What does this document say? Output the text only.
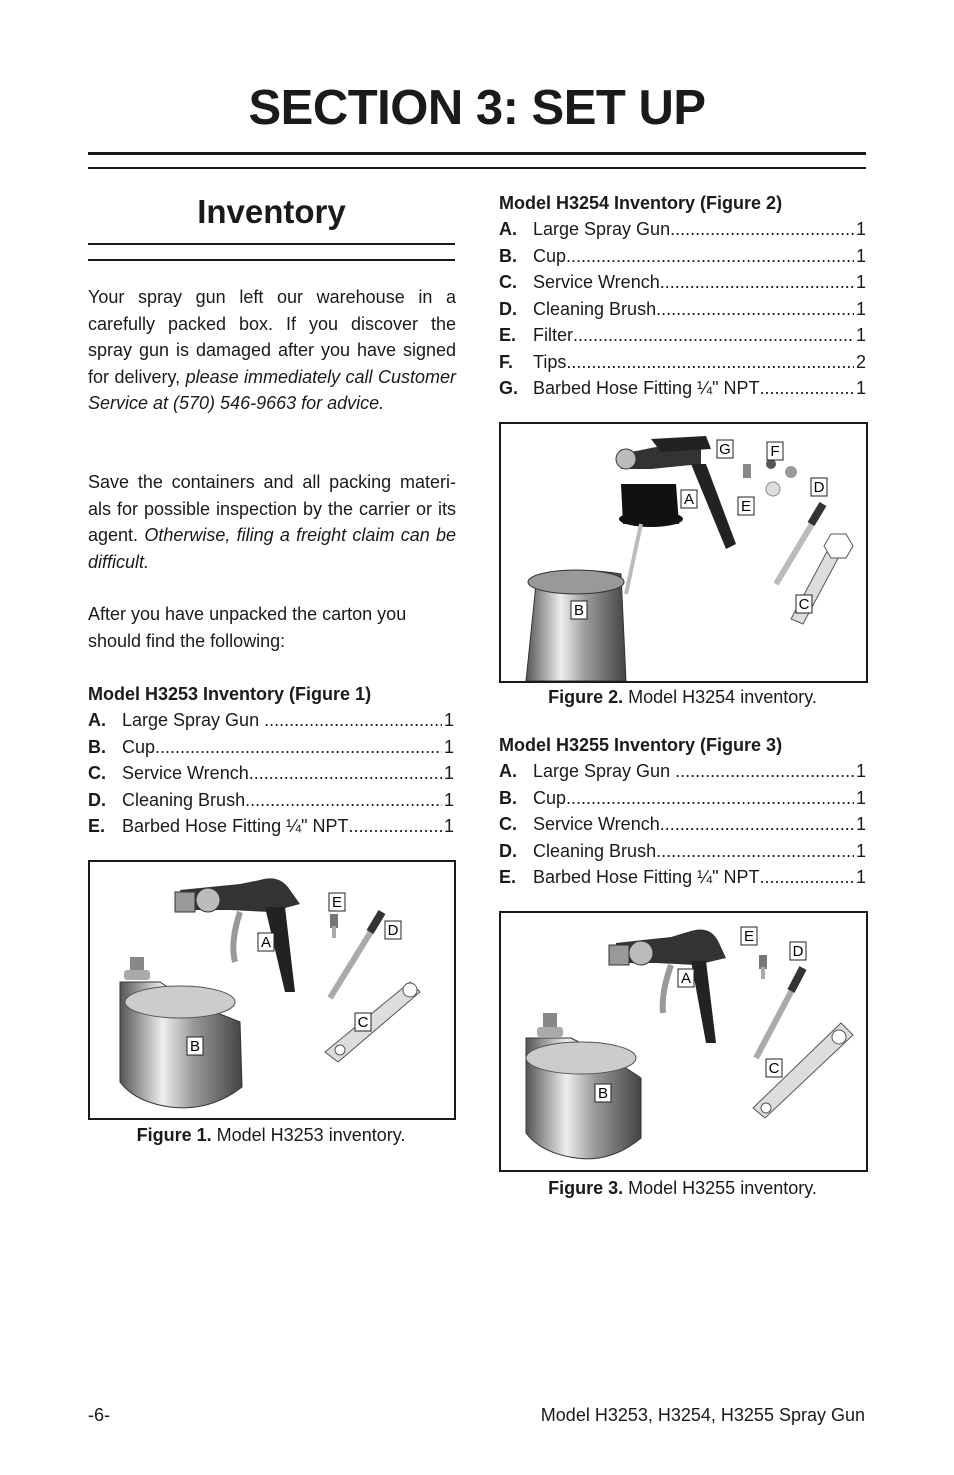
SECTION 3: SET UP
Inventory
Your spray gun left our warehouse in a carefully packed box. If you discover the spray gun is damaged after you have signed for delivery, please immediately call Customer Service at (570) 546-9663 for advice.
Save the containers and all packing materi-als for possible inspection by the carrier or its agent. Otherwise, filing a freight claim can be difficult.
After you have unpacked the carton you should find the following:
Model H3253 Inventory (Figure 1)
A. Large Spray Gun . .....	1
B. Cup .....	1
C. Service Wrench .....	1
D. Cleaning Brush .....	1
E. Barbed Hose Fitting ¼" NPT .....	1
A
B
C
D
E
Figure 1. Model H3253 inventory.
Model H3254 Inventory (Figure 2)
A. Large Spray Gun .....	1
B. Cup .....	1
C. Service Wrench .....	1
D. Cleaning Brush .....	1
E. Filter .....	1
F.	Tips .....	2
G. Barbed Hose Fitting ¼" NPT .....	1
A
B	C
D
E
F
G
Figure 2. Model H3254 inventory.
Model H3255 Inventory (Figure 3)
A. Large Spray Gun . .....	1
B. Cup .....	1
C. Service Wrench .....	1
D. Cleaning Brush .....	1
E. Barbed Hose Fitting ¼" NPT .....	1
A
B
C
D
E
Figure 3. Model H3255 inventory.
-6-	Model H3253, H3254, H3255 Spray Gun
